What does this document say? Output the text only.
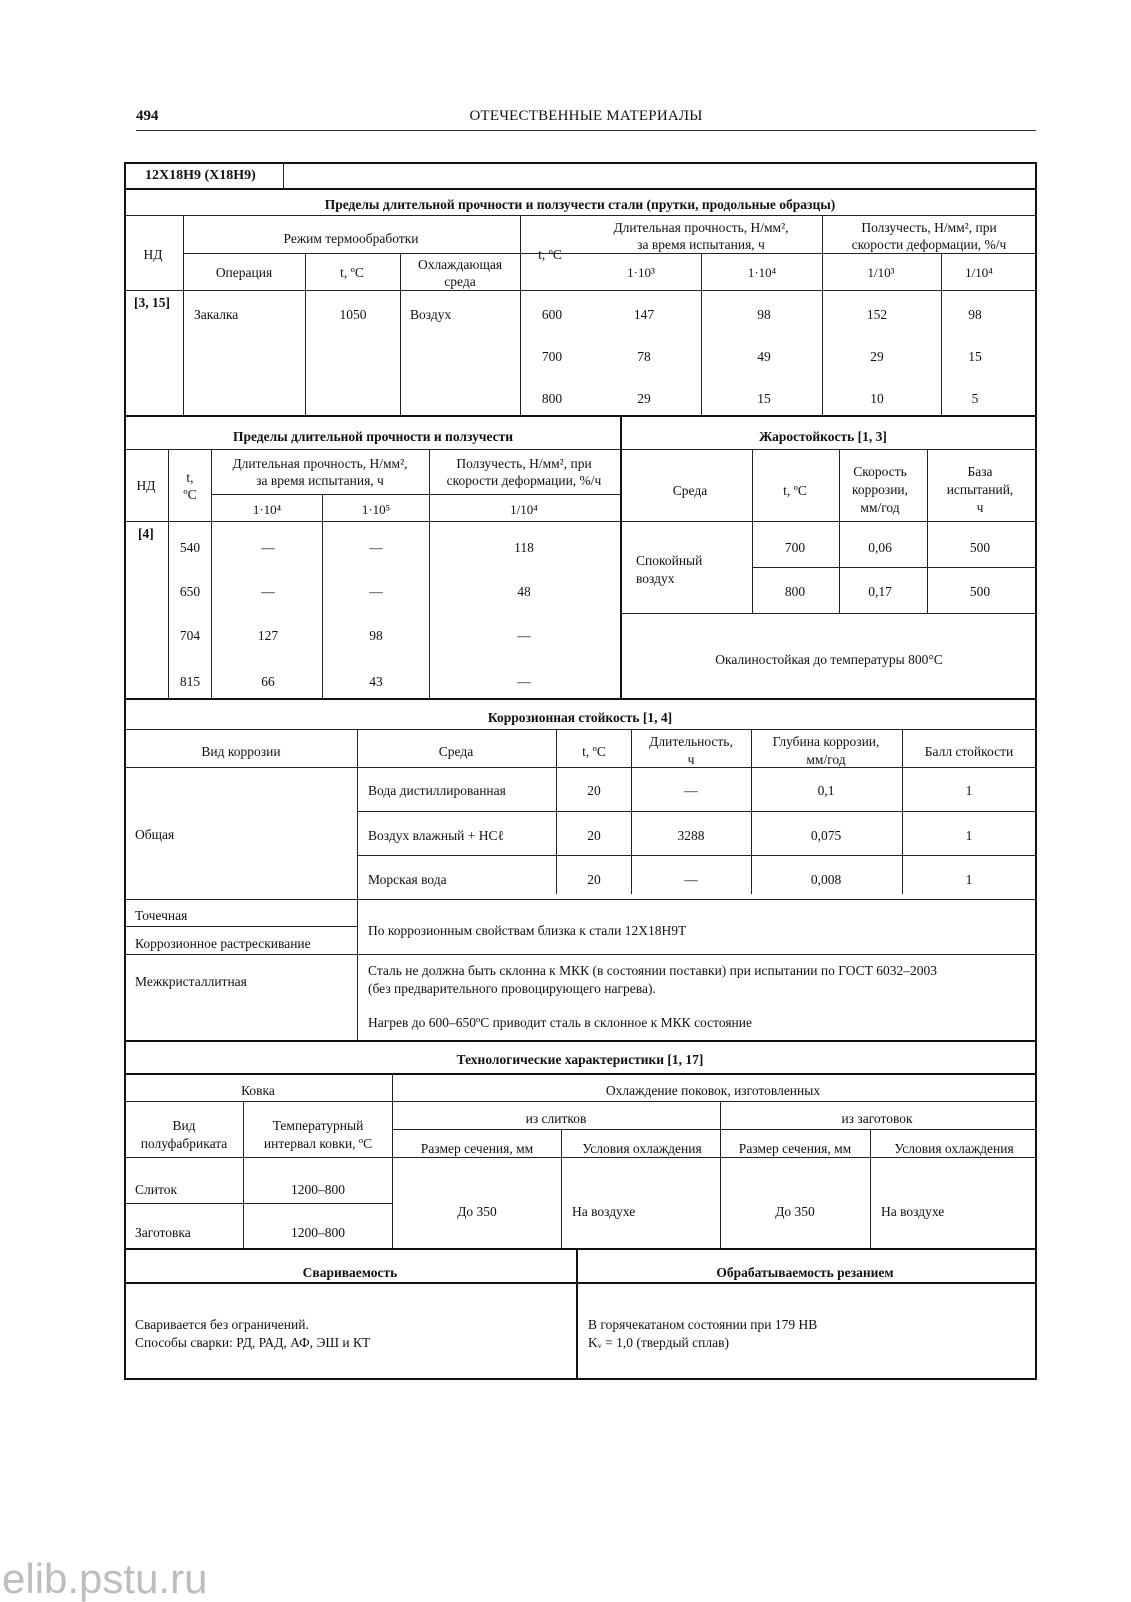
494	ОТЕЧЕСТВЕННЫЕ МАТЕРИАЛЫ
12Х18Н9 (Х18Н9)
Пределы длительной прочности и ползучести стали (прутки, продольные образцы)
НД
Режим термообработки
Операция	t, ºС
Охлаждающая
среда
t, ºС
Длительная прочность, Н/мм²,
за время испытания, ч
Ползучесть, Н/мм², при
скорости деформации, %/ч
1·10³	1·10⁴	1/10³	1/10⁴
[3, 15]
Закалка	1050	Воздух	600	147	98	152	98
700	78	49	29	15
800	29	15	10	5
Пределы длительной прочности и ползучести	Жаростойкость [1, 3]
НД
t,
ºС
Длительная прочность, Н/мм²,
за время испытания, ч
Ползучесть, Н/мм², при
скорости деформации, %/ч
1·10⁴	1·10⁵	1/10⁴
[4]
540	—	—	118
650	—	—	48
704	127	98	—
815	66	43	—
Среда	t, ºС
Скорость
коррозии,
мм/год
База
испытаний,
ч
Спокойный
воздух
700	0,06	500
800	0,17	500
Окалиностойкая до температуры 800°С
Коррозионная стойкость [1, 4]
Вид коррозии	Среда	t, ºС
Длительность,
ч
Глубина коррозии,
мм/год
Балл стойкости
Общая
Вода дистиллированная	20	—	0,1	1
Воздух влажный + HCℓ	20	3288	0,075	1
Морская вода	20	—	0,008	1
Точечная
Коррозионное растрескивание
По коррозионным свойствам близка к стали 12Х18Н9Т
Межкристаллитная
Сталь не должна быть склонна к МКК (в состоянии поставки) при испытании по ГОСТ 6032–2003
(без предварительного провоцирующего нагрева).
Нагрев до 600–650ºС приводит сталь в склонное к МКК состояние
Технологические характеристики [1, 17]
Ковка	Охлаждение поковок, изготовленных
из слитков	из заготовок
Вид
полуфабриката
Температурный
интервал ковки, ºС	Размер сечения, мм	Условия охлаждения	Размер сечения, мм	Условия охлаждения
Слиток	1200–800
Заготовка	1200–800
До 350	На воздухе	До 350	На воздухе
Свариваемость	Обрабатываемость резанием
Сваривается без ограничений.
Способы сварки: РД, РАД, АФ, ЭШ и КТ
В горячекатаном состоянии при 179 НВ
Kᵥ = 1,0 (твердый сплав)
elib.pstu.ru
